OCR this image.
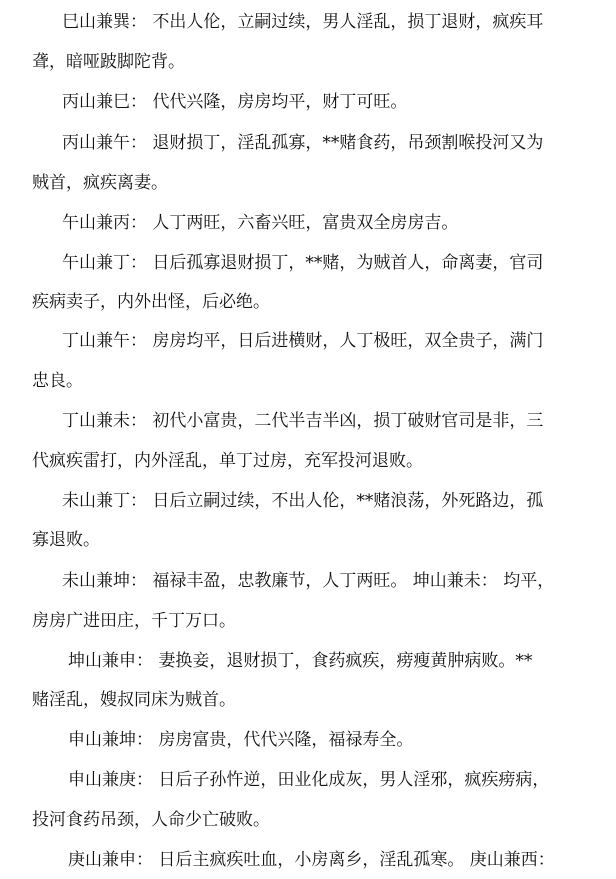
巳山兼巽： 不出人伦，立嗣过续，男人淫乱，损丁退财，疯疾耳
聋，暗哑跛脚陀背。
丙山兼巳： 代代兴隆，房房均平，财丁可旺。
丙山兼午： 退财损丁，淫乱孤寡，**赌食药，吊颈割喉投河又为
贼首，疯疾离妻。
午山兼丙： 人丁两旺，六畜兴旺，富贵双全房房吉。
午山兼丁： 日后孤寡退财损丁，**赌，为贼首人，命离妻，官司
疾病卖子，内外出怪，后必绝。
丁山兼午： 房房均平，日后进横财，人丁极旺，双全贵子，满门
忠良。
丁山兼未： 初代小富贵，二代半吉半凶，损丁破财官司是非，三
代疯疾雷打，内外淫乱，单丁过房，充军投河退败。
未山兼丁： 日后立嗣过续，不出人伦，**赌浪荡，外死路边，孤
寡退败。
未山兼坤： 福禄丰盈，忠教廉节，人丁两旺。 坤山兼未： 均平，
房房广进田庄，千丁万口。
坤山兼申： 妻换妾，退财损丁，食药疯疾，痨瘦黄肿病败。**
赌淫乱，嫂叔同床为贼首。
申山兼坤： 房房富贵，代代兴隆，福禄寿全。
申山兼庚： 日后子孙忤逆，田业化成灰，男人淫邪，疯疾痨病，
投河食药吊颈，人命少亡破败。
庚山兼申： 日后主疯疾吐血，小房离乡，淫乱孤寒。 庚山兼西：
